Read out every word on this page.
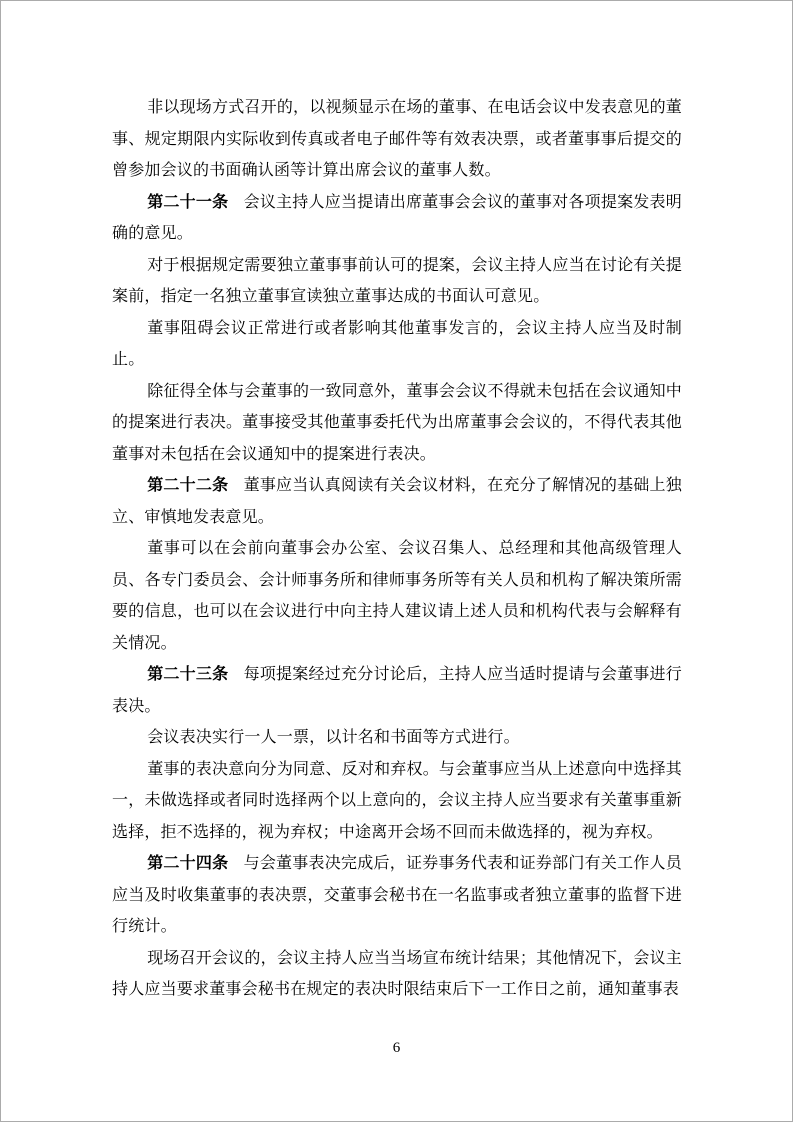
非以现场方式召开的，以视频显示在场的董事、在电话会议中发表意见的董事、规定期限内实际收到传真或者电子邮件等有效表决票，或者董事事后提交的曾参加会议的书面确认函等计算出席会议的董事人数。

第二十一条 会议主持人应当提请出席董事会会议的董事对各项提案发表明确的意见。

对于根据规定需要独立董事事前认可的提案，会议主持人应当在讨论有关提案前，指定一名独立董事宣读独立董事达成的书面认可意见。

董事阻碍会议正常进行或者影响其他董事发言的，会议主持人应当及时制止。

除征得全体与会董事的一致同意外，董事会会议不得就未包括在会议通知中的提案进行表决。董事接受其他董事委托代为出席董事会会议的，不得代表其他董事对未包括在会议通知中的提案进行表决。

第二十二条 董事应当认真阅读有关会议材料，在充分了解情况的基础上独立、审慎地发表意见。

董事可以在会前向董事会办公室、会议召集人、总经理和其他高级管理人员、各专门委员会、会计师事务所和律师事务所等有关人员和机构了解决策所需要的信息，也可以在会议进行中向主持人建议请上述人员和机构代表与会解释有关情况。

第二十三条 每项提案经过充分讨论后，主持人应当适时提请与会董事进行表决。

会议表决实行一人一票，以计名和书面等方式进行。

董事的表决意向分为同意、反对和弃权。与会董事应当从上述意向中选择其一，未做选择或者同时选择两个以上意向的，会议主持人应当要求有关董事重新选择，拒不选择的，视为弃权；中途离开会场不回而未做选择的，视为弃权。

第二十四条 与会董事表决完成后，证券事务代表和证券部门有关工作人员应当及时收集董事的表决票，交董事会秘书在一名监事或者独立董事的监督下进行统计。

现场召开会议的，会议主持人应当当场宣布统计结果；其他情况下，会议主持人应当要求董事会秘书在规定的表决时限结束后下一工作日之前，通知董事表

6
